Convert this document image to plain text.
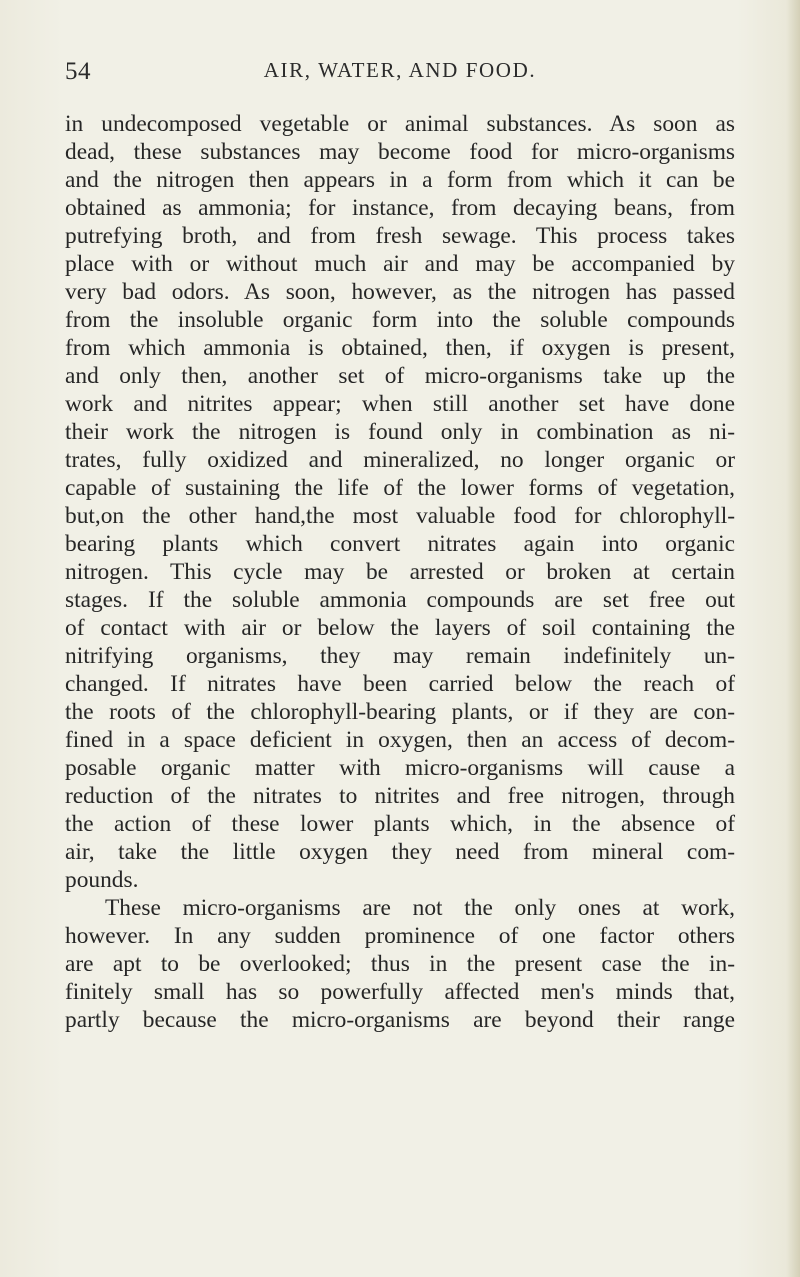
54	AIR, WATER, AND FOOD.
in undecomposed vegetable or animal substances. As soon as
dead, these substances may become food for micro-organisms
and the nitrogen then appears in a form from which it can be
obtained as ammonia; for instance, from decaying beans, from
putrefying broth, and from fresh sewage. This process takes
place with or without much air and may be accompanied by
very bad odors. As soon, however, as the nitrogen has passed
from the insoluble organic form into the soluble compounds
from which ammonia is obtained, then, if oxygen is present,
and only then, another set of micro-organisms take up the
work and nitrites appear; when still another set have done
their work the nitrogen is found only in combination as ni-
trates, fully oxidized and mineralized, no longer organic or
capable of sustaining the life of the lower forms of vegetation,
but,on the other hand,the most valuable food for chlorophyll-
bearing plants which convert nitrates again into organic
nitrogen. This cycle may be arrested or broken at certain
stages. If the soluble ammonia compounds are set free out
of contact with air or below the layers of soil containing the
nitrifying organisms, they may remain indefinitely un-
changed. If nitrates have been carried below the reach of
the roots of the chlorophyll-bearing plants, or if they are con-
fined in a space deficient in oxygen, then an access of decom-
posable organic matter with micro-organisms will cause a
reduction of the nitrates to nitrites and free nitrogen, through
the action of these lower plants which, in the absence of
air, take the little oxygen they need from mineral com-
pounds.
These micro-organisms are not the only ones at work,
however. In any sudden prominence of one factor others
are apt to be overlooked; thus in the present case the in-
finitely small has so powerfully affected men's minds that,
partly because the micro-organisms are beyond their range
